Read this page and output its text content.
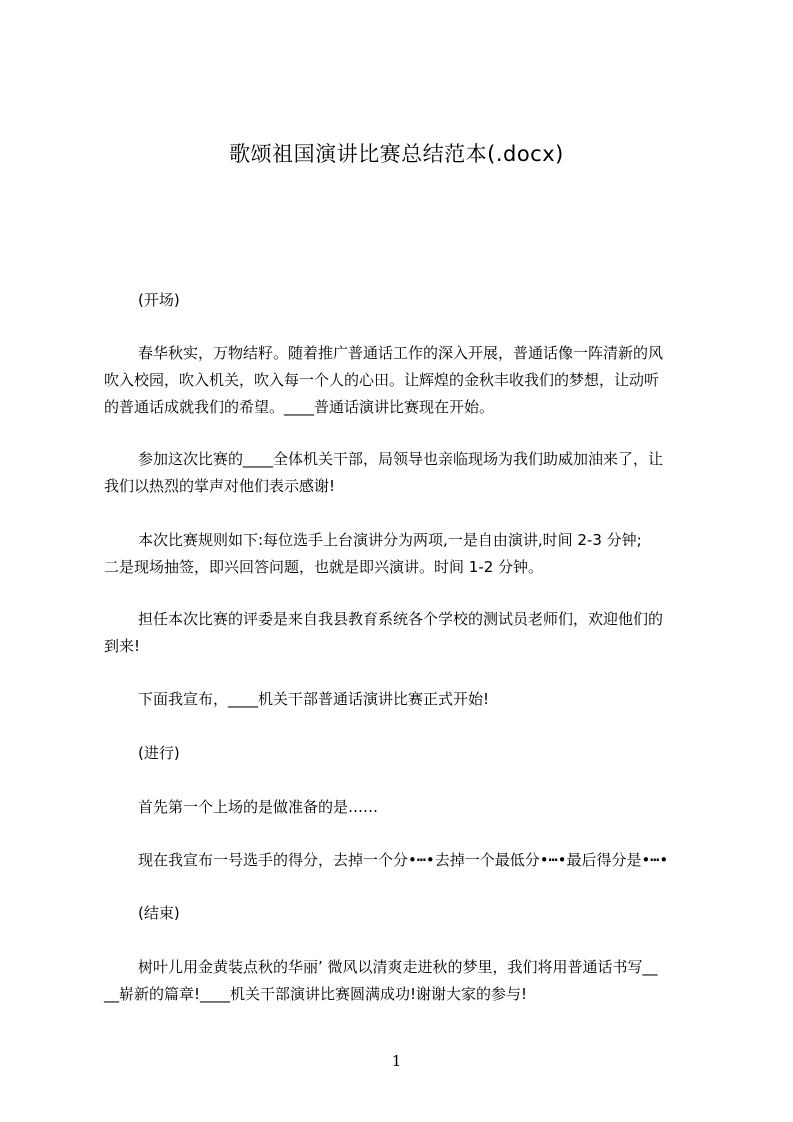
歌颂祖国演讲比赛总结范本(.docx)
(开场)
春华秋实，万物结籽。随着推广普通话工作的深入开展，普通话像一阵清新的风
吹入校园，吹入机关，吹入每一个人的心田。让辉煌的金秋丰收我们的梦想，让动听
的普通话成就我们的希望。____普通话演讲比赛现在开始。
参加这次比赛的____全体机关干部，局领导也亲临现场为我们助威加油来了，让
我们以热烈的掌声对他们表示感谢!
本次比赛规则如下:每位选手上台演讲分为两项,一是自由演讲,时间 2-3 分钟;
二是现场抽签，即兴回答问题，也就是即兴演讲。时间 1-2 分钟。
担任本次比赛的评委是来自我县教育系统各个学校的测试员老师们，欢迎他们的
到来!
下面我宣布，____机关干部普通话演讲比赛正式开始!
(进行)
首先第一个上场的是做准备的是……
现在我宣布一号选手的得分，去掉一个分•┅•去掉一个最低分•┅•最后得分是•┅•
(结束)
树叶儿用金黄装点秋的华丽’ 微风以清爽走进秋的梦里，我们将用普通话书写__
__崭新的篇章!____机关干部演讲比赛圆满成功!谢谢大家的参与!
1
